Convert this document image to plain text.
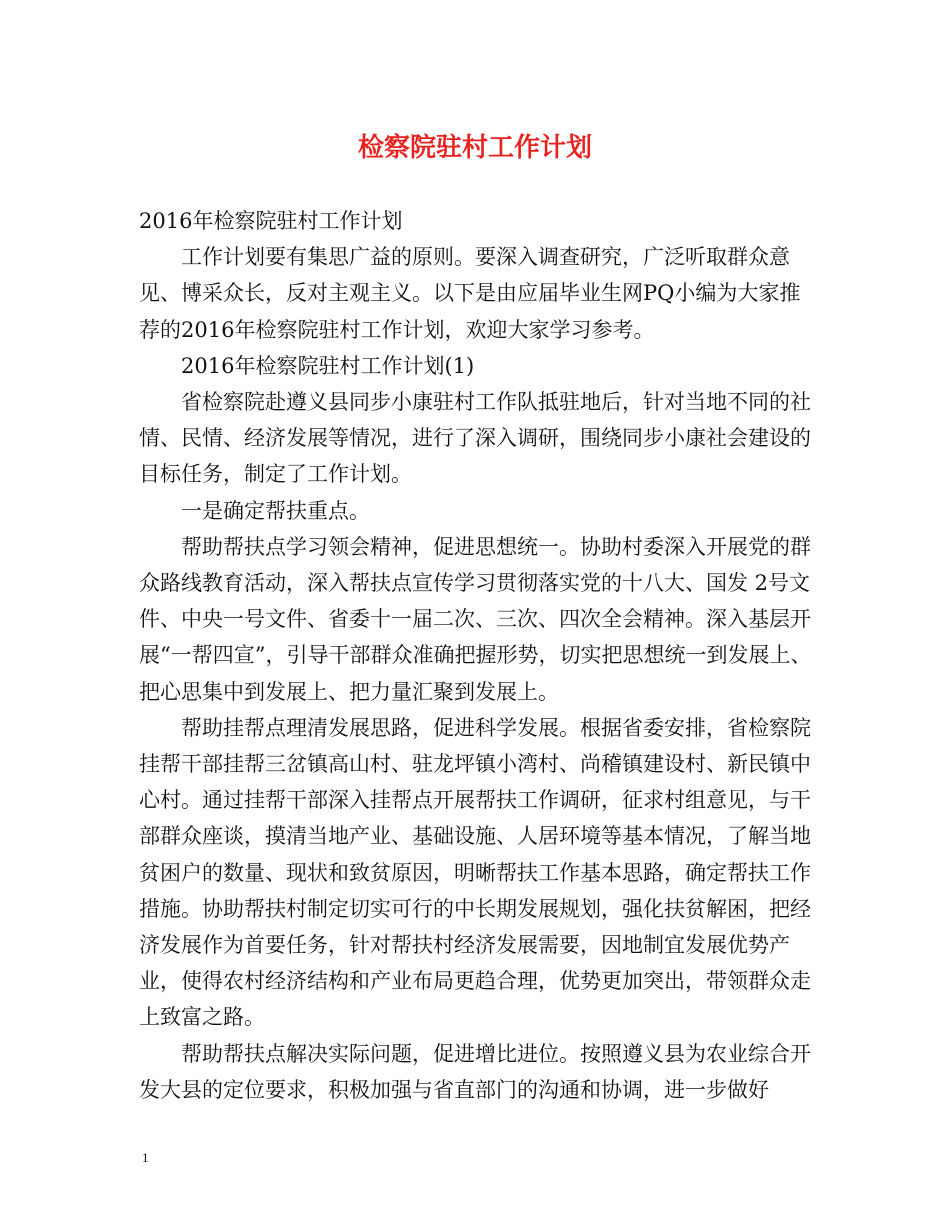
检察院驻村工作计划

2016年检察院驻村工作计划

工作计划要有集思广益的原则。要深入调查研究，广泛听取群众意见、博采众长，反对主观主义。以下是由应届毕业生网PQ小编为大家推荐的2016年检察院驻村工作计划，欢迎大家学习参考。

2016年检察院驻村工作计划(1)

省检察院赴遵义县同步小康驻村工作队抵驻地后，针对当地不同的社情、民情、经济发展等情况，进行了深入调研，围绕同步小康社会建设的目标任务，制定了工作计划。

一是确定帮扶重点。

帮助帮扶点学习领会精神，促进思想统一。协助村委深入开展党的群众路线教育活动，深入帮扶点宣传学习贯彻落实党的十八大、国发 2号文件、中央一号文件、省委十一届二次、三次、四次全会精神。深入基层开展“一帮四宣”，引导干部群众准确把握形势，切实把思想统一到发展上、把心思集中到发展上、把力量汇聚到发展上。

帮助挂帮点理清发展思路，促进科学发展。根据省委安排，省检察院挂帮干部挂帮三岔镇高山村、驻龙坪镇小湾村、尚稽镇建设村、新民镇中心村。通过挂帮干部深入挂帮点开展帮扶工作调研，征求村组意见，与干部群众座谈，摸清当地产业、基础设施、人居环境等基本情况，了解当地贫困户的数量、现状和致贫原因，明晰帮扶工作基本思路，确定帮扶工作措施。协助帮扶村制定切实可行的中长期发展规划，强化扶贫解困，把经济发展作为首要任务，针对帮扶村经济发展需要，因地制宜发展优势产业，使得农村经济结构和产业布局更趋合理，优势更加突出，带领群众走上致富之路。

帮助帮扶点解决实际问题，促进增比进位。按照遵义县为农业综合开发大县的定位要求，积极加强与省直部门的沟通和协调，进一步做好

1
